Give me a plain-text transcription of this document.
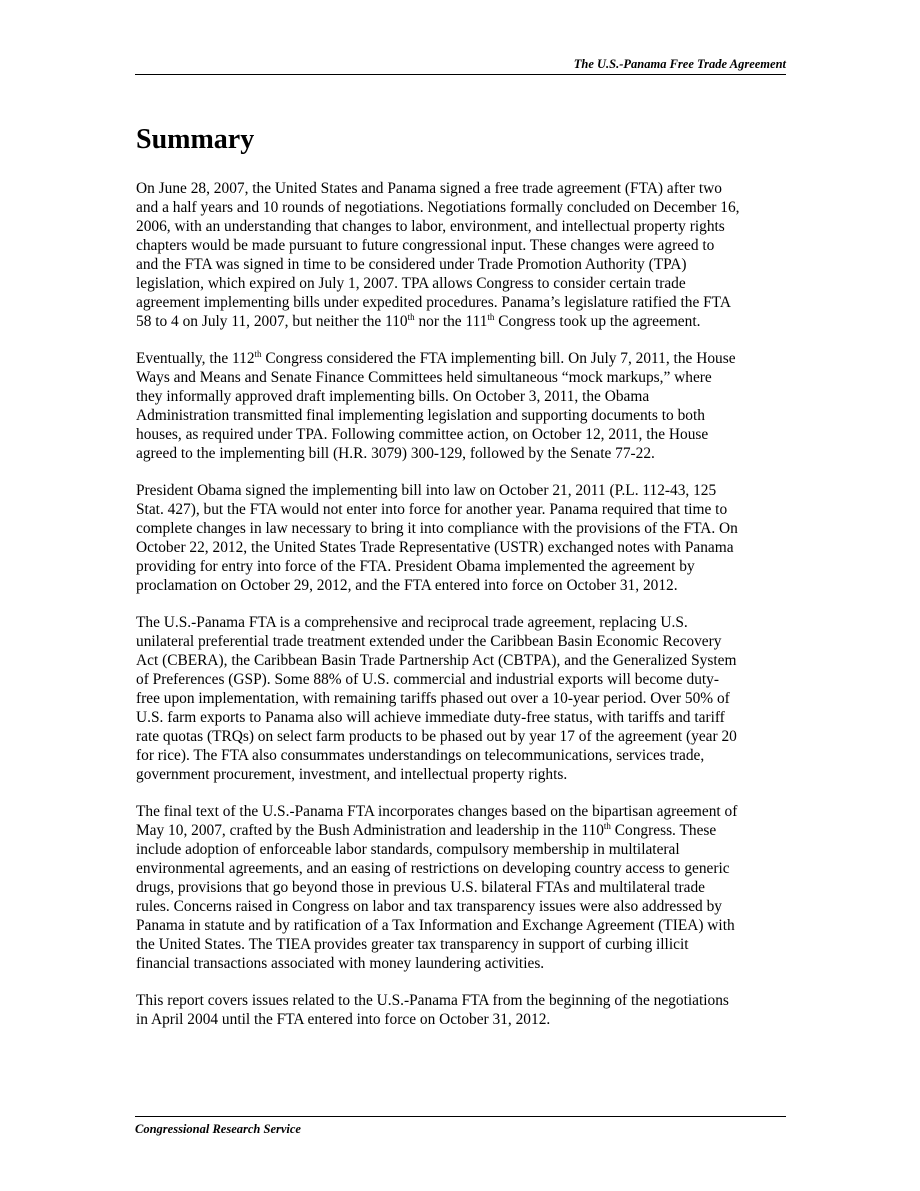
The U.S.-Panama Free Trade Agreement
Summary

On June 28, 2007, the United States and Panama signed a free trade agreement (FTA) after two
and a half years and 10 rounds of negotiations. Negotiations formally concluded on December 16,
2006, with an understanding that changes to labor, environment, and intellectual property rights
chapters would be made pursuant to future congressional input. These changes were agreed to
and the FTA was signed in time to be considered under Trade Promotion Authority (TPA)
legislation, which expired on July 1, 2007. TPA allows Congress to consider certain trade
agreement implementing bills under expedited procedures. Panama’s legislature ratified the FTA
58 to 4 on July 11, 2007, but neither the 110th nor the 111th Congress took up the agreement.

Eventually, the 112th Congress considered the FTA implementing bill. On July 7, 2011, the House
Ways and Means and Senate Finance Committees held simultaneous “mock markups,” where
they informally approved draft implementing bills. On October 3, 2011, the Obama
Administration transmitted final implementing legislation and supporting documents to both
houses, as required under TPA. Following committee action, on October 12, 2011, the House
agreed to the implementing bill (H.R. 3079) 300-129, followed by the Senate 77-22.

President Obama signed the implementing bill into law on October 21, 2011 (P.L. 112-43, 125
Stat. 427), but the FTA would not enter into force for another year. Panama required that time to
complete changes in law necessary to bring it into compliance with the provisions of the FTA. On
October 22, 2012, the United States Trade Representative (USTR) exchanged notes with Panama
providing for entry into force of the FTA. President Obama implemented the agreement by
proclamation on October 29, 2012, and the FTA entered into force on October 31, 2012.

The U.S.-Panama FTA is a comprehensive and reciprocal trade agreement, replacing U.S.
unilateral preferential trade treatment extended under the Caribbean Basin Economic Recovery
Act (CBERA), the Caribbean Basin Trade Partnership Act (CBTPA), and the Generalized System
of Preferences (GSP). Some 88% of U.S. commercial and industrial exports will become duty-
free upon implementation, with remaining tariffs phased out over a 10-year period. Over 50% of
U.S. farm exports to Panama also will achieve immediate duty-free status, with tariffs and tariff
rate quotas (TRQs) on select farm products to be phased out by year 17 of the agreement (year 20
for rice). The FTA also consummates understandings on telecommunications, services trade,
government procurement, investment, and intellectual property rights.

The final text of the U.S.-Panama FTA incorporates changes based on the bipartisan agreement of
May 10, 2007, crafted by the Bush Administration and leadership in the 110th Congress. These
include adoption of enforceable labor standards, compulsory membership in multilateral
environmental agreements, and an easing of restrictions on developing country access to generic
drugs, provisions that go beyond those in previous U.S. bilateral FTAs and multilateral trade
rules. Concerns raised in Congress on labor and tax transparency issues were also addressed by
Panama in statute and by ratification of a Tax Information and Exchange Agreement (TIEA) with
the United States. The TIEA provides greater tax transparency in support of curbing illicit
financial transactions associated with money laundering activities.

This report covers issues related to the U.S.-Panama FTA from the beginning of the negotiations
in April 2004 until the FTA entered into force on October 31, 2012.

Congressional Research Service
